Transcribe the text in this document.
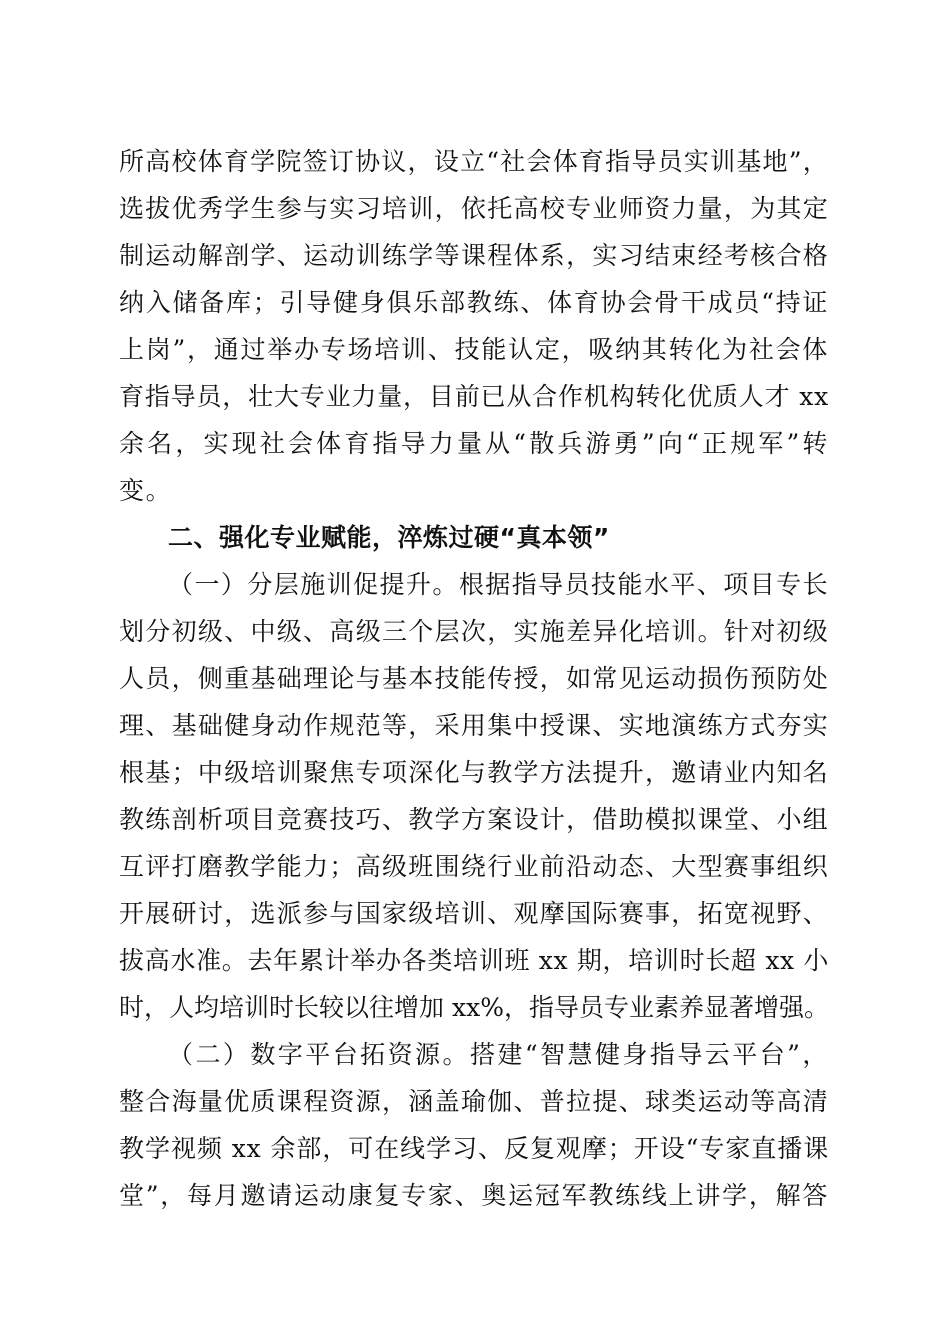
所高校体育学院签订协议，设立“社会体育指导员实训基地”，
选拔优秀学生参与实习培训，依托高校专业师资力量，为其定
制运动解剖学、运动训练学等课程体系，实习结束经考核合格
纳入储备库；引导健身俱乐部教练、体育协会骨干成员“持证
上岗”，通过举办专场培训、技能认定，吸纳其转化为社会体
育指导员，壮大专业力量，目前已从合作机构转化优质人才 xx
余名，实现社会体育指导力量从“散兵游勇”向“正规军”转
变。
二、强化专业赋能，淬炼过硬“真本领”
（一）分层施训促提升。根据指导员技能水平、项目专长
划分初级、中级、高级三个层次，实施差异化培训。针对初级
人员，侧重基础理论与基本技能传授，如常见运动损伤预防处
理、基础健身动作规范等，采用集中授课、实地演练方式夯实
根基；中级培训聚焦专项深化与教学方法提升，邀请业内知名
教练剖析项目竞赛技巧、教学方案设计，借助模拟课堂、小组
互评打磨教学能力；高级班围绕行业前沿动态、大型赛事组织
开展研讨，选派参与国家级培训、观摩国际赛事，拓宽视野、
拔高水准。去年累计举办各类培训班 xx 期，培训时长超 xx 小
时，人均培训时长较以往增加 xx%，指导员专业素养显著增强。
（二）数字平台拓资源。搭建“智慧健身指导云平台”，
整合海量优质课程资源，涵盖瑜伽、普拉提、球类运动等高清
教学视频 xx 余部，可在线学习、反复观摩；开设“专家直播课
堂”，每月邀请运动康复专家、奥运冠军教练线上讲学，解答
